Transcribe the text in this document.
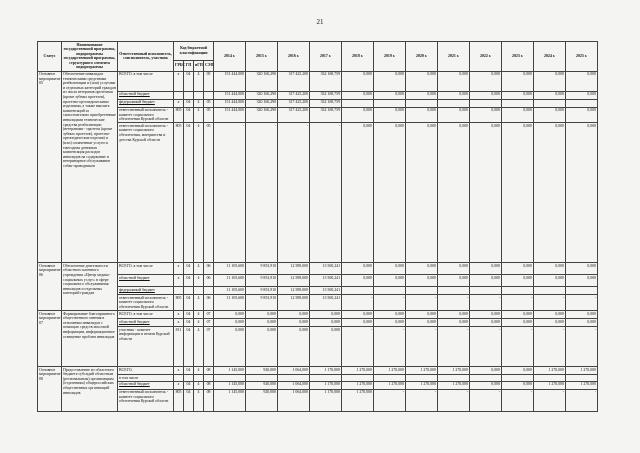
21
Статус	Наименование государственной программы, подпрограммы государственной программы, структурного элемента подпрограммы	Ответственный исполнитель, соисполнитель, участник	Код бюджетной классификации				2014 г.	2015 г.	2016 г.	2017 г.	2018 г.	2019 г.	2020 г.	2021 г.	2022 г.	2023 г.	2024 г.	2025 г.
			ГРБС	ГП	пГП	СЭП												
Основное мероприятие 05	Обеспечение инвалидов техническими средствами реабилитации и (или) услугами и отдельных категорий граждан из числа ветеранов протезами (кроме зубных протезов), протезно-ортопедическими изделиями, а также выплата компенсаций за самостоятельно приобретенные инвалидами технические средства реабилитации (ветеранами - протезы (кроме зубных протезов), протезно-ортопедические изделия) и (или) оплаченные услуги и ежегодная денежная компенсация расходов инвалидов на содержание и ветеринарное обслуживание собак-проводников	ВСЕГО, в том числе	x	04	4	05	151 444,000	320 160,290	317 425,200	332 168,759	0,000	0,000	0,000	0,000	0,000	0,000	0,000	0,000
		областной бюджет					151 444,000	320 160,290	317 425,200	332 168,759	0,000	0,000	0,000	0,000	0,000	0,000	0,000	0,000
		федеральный бюджет	x	04	4	05	151 444,000	320 160,290	317 425,200	332 168,759								
		ответственный исполнитель - комитет социального обеспечения Курской области	805	04	4	05	151 444,000	320 160,290	317 425,200	332 168,759	0,000	0,000	0,000	0,000	0,000	0,000	0,000	0,000
		ответственный исполнитель - комитет социального обеспечения, материнства и детства Курской области	805	04	4	05	-	-	-	-	0,000	0,000	0,000	0,000	0,000	0,000	0,000	0,000
Основное мероприятие 06	Обеспечение деятельности областного казенного учреждения «Центр медико-социальных услуг» в сфере социального обслуживания инвалидов и отдельных категорий граждан	ВСЕГО, в том числе	x	04	4	06	11 105,600	9 853,910	12 589,000	13 500,241	0,000	0,000	0,000	0,000	0,000	0,000	0,000	0,000
		областной бюджет	x	04	4	06	11 105,600	9 853,910	12 589,000	13 500,241	0,000	0,000	0,000	0,000	0,000	0,000	0,000	0,000
		федеральный бюджет					11 105,600	9 853,910	12 589,000	13 500,241								
		ответственный исполнитель - комитет социального обеспечения Курской области	805	04	4	06	11 105,600	9 853,910	12 589,000	13 500,241	-	-	-	-	-	-	-	-
Основное мероприятие 07	Формирование благоприятного общественного мнения в отношении инвалидов с помощью средств массовой информации, информационное освещение проблем инвалидов	ВСЕГО, в том числе	x	04	4	07	0,000	0,000	0,000	0,000	0,000	0,000	0,000	0,000	0,000	0,000	0,000	0,000
		областной бюджет	x	04	4	07	0,000	0,000	0,000	0,000	0,000	0,000	0,000	0,000	0,000	0,000	0,000	0,000
		участник - комитет информации и печати Курской области	811	04	4	07	0,000	0,000	0,000	0,000	-	-	-	-	-	-	-	-
Основное мероприятие 08	Предоставление из областного бюджета субсидий областным (региональным) организациям (отделениям) общероссийских общественных организаций инвалидов	ВСЕГО,	x	04	4	08	1 145,000	920,000	1 064,000	1 170,000	1 270,000	1 270,000	1 270,000	1 270,000	0,000	0,000	1 270,000	1 270,000
		в том числе																
		областной бюджет	x	04	4	08	1 145,000	920,000	1 064,000	1 170,000	1 270,000	1 270,000	1 270,000	1 270,000	0,000	0,000	1 270,000	1 270,000
		ответственный исполнитель - комитет социального обеспечения Курской области	805	04	4	08	1 145,000	920,000	1 064,000	1 170,000	1 270,000	-	-	-	-	-	-	-
